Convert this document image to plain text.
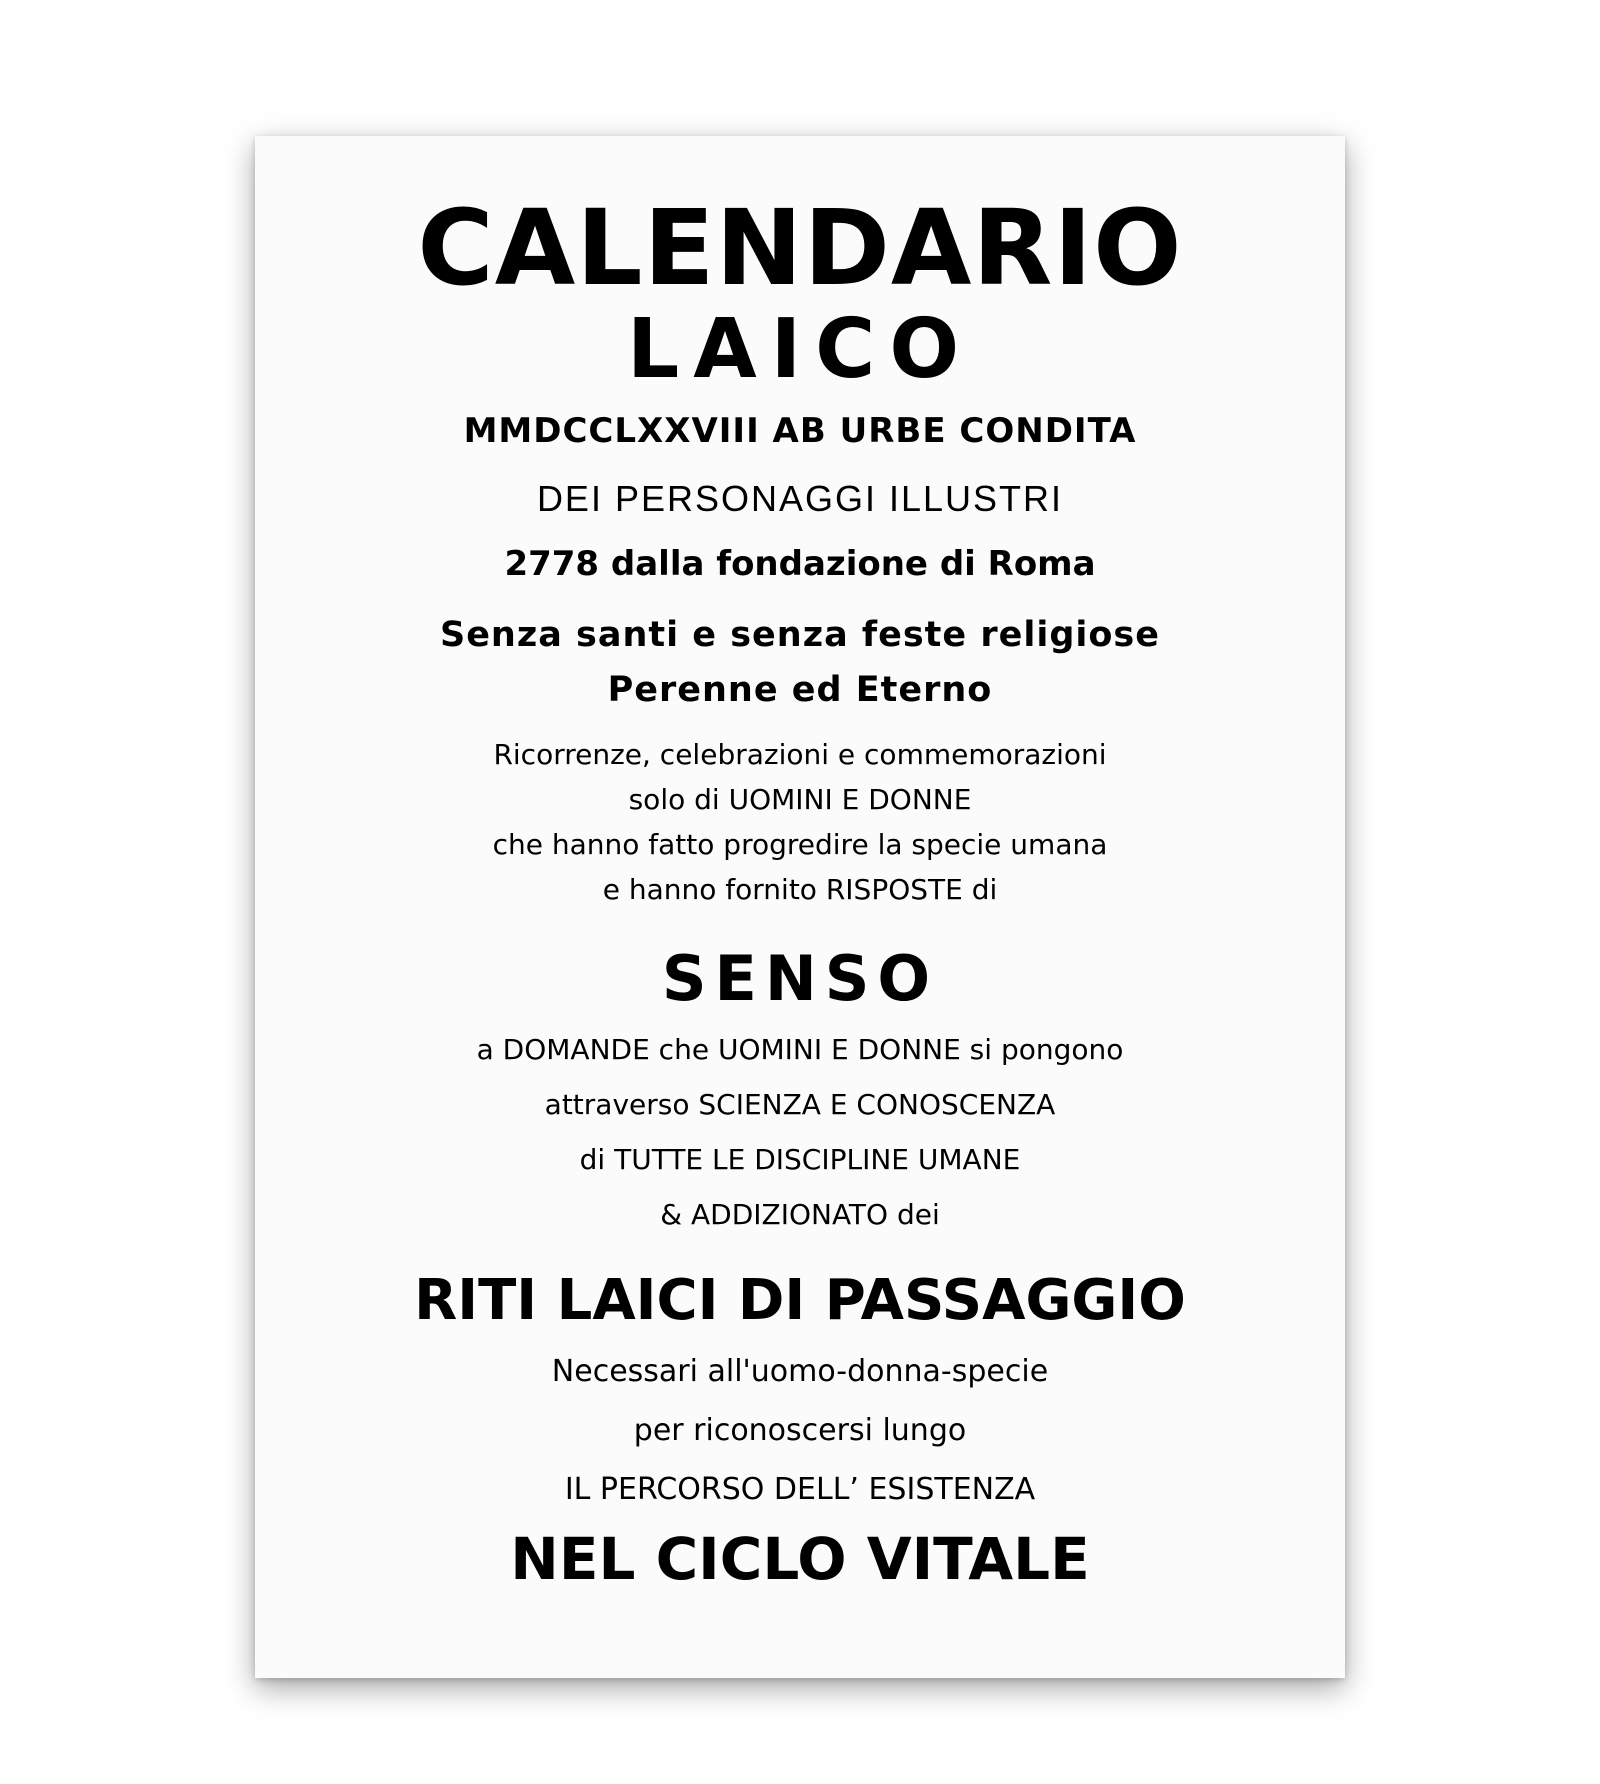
CALENDARIO
LAICO
MMDCCLXXVIII AB URBE CONDITA
DEI PERSONAGGI ILLUSTRI
2778 dalla fondazione di Roma
Senza santi e senza feste religiose
Perenne ed Eterno
Ricorrenze, celebrazioni e commemorazioni
solo di UOMINI E DONNE
che hanno fatto progredire la specie umana
e hanno fornito RISPOSTE di
SENSO
a DOMANDE che UOMINI E DONNE si pongono
attraverso SCIENZA E CONOSCENZA
di TUTTE LE DISCIPLINE UMANE
& ADDIZIONATO dei
RITI LAICI DI PASSAGGIO
Necessari all'uomo-donna-specie
per riconoscersi lungo
IL PERCORSO DELL’ ESISTENZA
NEL CICLO VITALE
